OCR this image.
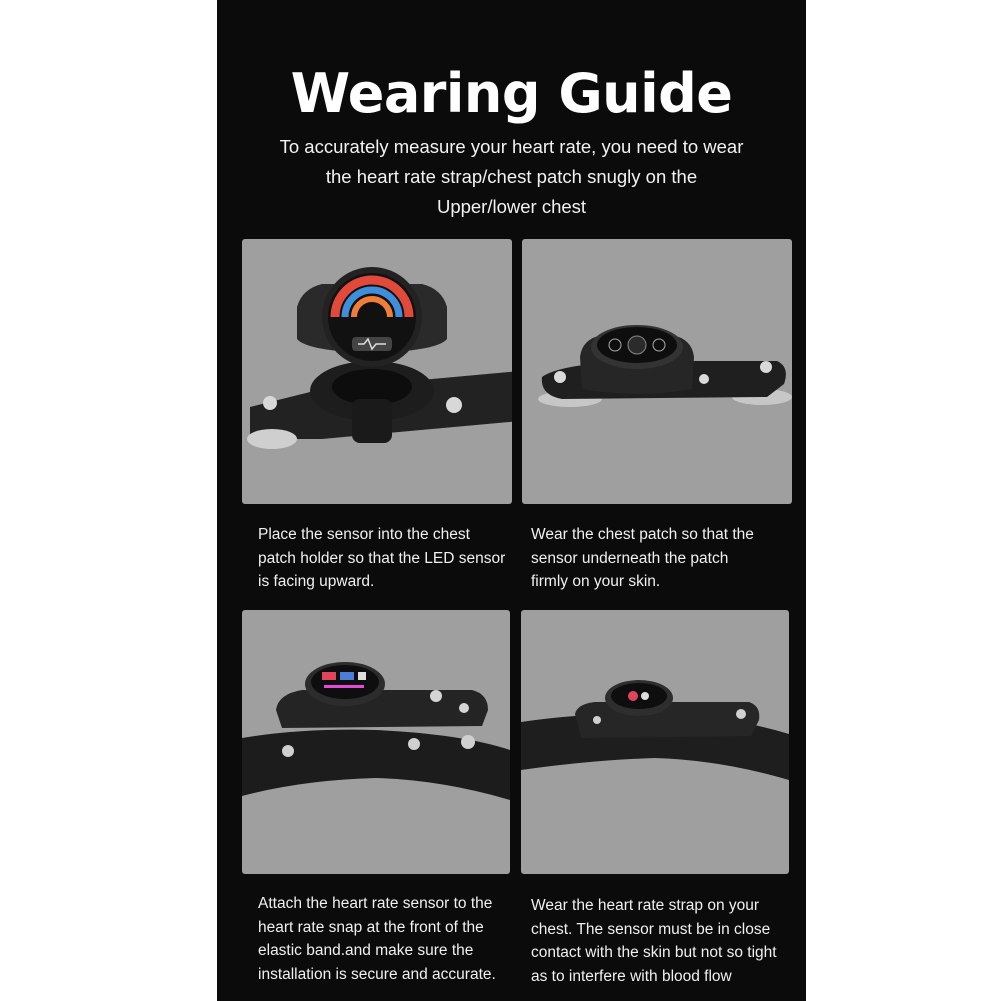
Wearing Guide
To accurately measure your heart rate, you need to wear
the heart rate strap/chest patch snugly on the
Upper/lower chest
Place the sensor into the chest
patch holder so that the LED sensor
is facing upward.
Wear the chest patch so that the
sensor underneath the patch
firmly on your skin.
Attach the heart rate sensor to the
heart rate snap at the front of the
elastic band.and make sure the
installation is secure and accurate.
Wear the heart rate strap on your
chest. The sensor must be in close
contact with the skin but not so tight
as to interfere with blood flow
